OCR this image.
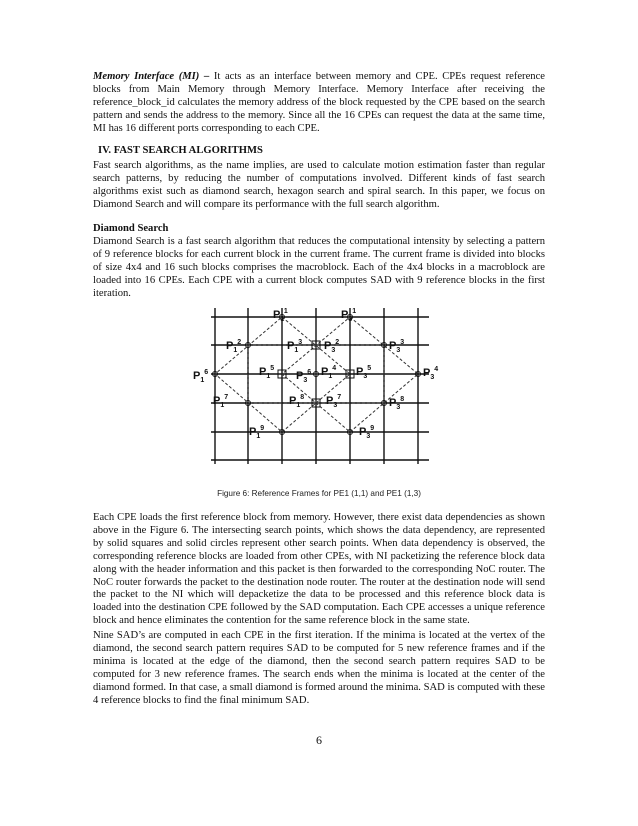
Memory Interface (MI) – It acts as an interface between memory and CPE. CPEs request reference blocks from Main Memory through Memory Interface. Memory Interface after receiving the reference_block_id calculates the memory address of the block requested by the CPE based on the search pattern and sends the address to the memory. Since all the 16 CPEs can request the data at the same time, MI has 16 different ports corresponding to each CPE.

IV. FAST SEARCH ALGORITHMS

Fast search algorithms, as the name implies, are used to calculate motion estimation faster than regular search patterns, by reducing the number of computations involved. Different kinds of fast search algorithms exist such as diamond search, hexagon search and spiral search. In this paper, we focus on Diamond Search and will compare its performance with the full search algorithm.

Diamond Search

Diamond Search is a fast search algorithm that reduces the computational intensity by selecting a pattern of 9 reference blocks for each current block in the current frame. The current frame is divided into blocks of size 4x4 and 16 such blocks comprises the macroblock. Each of the 4x4 blocks in a macroblock are loaded into 16 CPEs. Each CPE with a current block computes SAD with 9 reference blocks in the first iteration.

$P_1^1$	$P_3^1$
$P_1^2$	$P_1^3$ $P_3^2$	$P_3^3$
$P_1^6$	$P_1^5$
$P_3^6$ $P_1^4$ $P_3^5$	$P_3^4$
$P_1^7$	$P_1^8$ $P_3^7$	$P_3^8$
$P_1^9$	$P_3^9$
Figure 6: Reference Frames for PE1 (1,1) and PE1 (1,3)

Each CPE loads the first reference block from memory. However, there exist data dependencies as shown above in the Figure 6. The intersecting search points, which shows the data dependency, are represented by solid squares and solid circles represent other search points. When data dependency is observed, the corresponding reference blocks are loaded from other CPEs, with NI packetizing the reference block data along with the header information and this packet is then forwarded to the corresponding NoC router. The NoC router forwards the packet to the destination node router. The router at the destination node will send the packet to the NI which will depacketize the data to be processed and this reference block data is loaded into the destination CPE followed by the SAD computation. Each CPE accesses a unique reference block and hence eliminates the contention for the same reference block in the same state.

Nine SAD’s are computed in each CPE in the first iteration. If the minima is located at the vertex of the diamond, the second search pattern requires SAD to be computed for 5 new reference frames and if the minima is located at the edge of the diamond, then the second search pattern requires SAD to be computed for 3 new reference frames. The search ends when the minima is located at the center of the diamond formed. In that case, a small diamond is formed around the minima. SAD is computed with these 4 reference blocks to find the final minimum SAD.

6
